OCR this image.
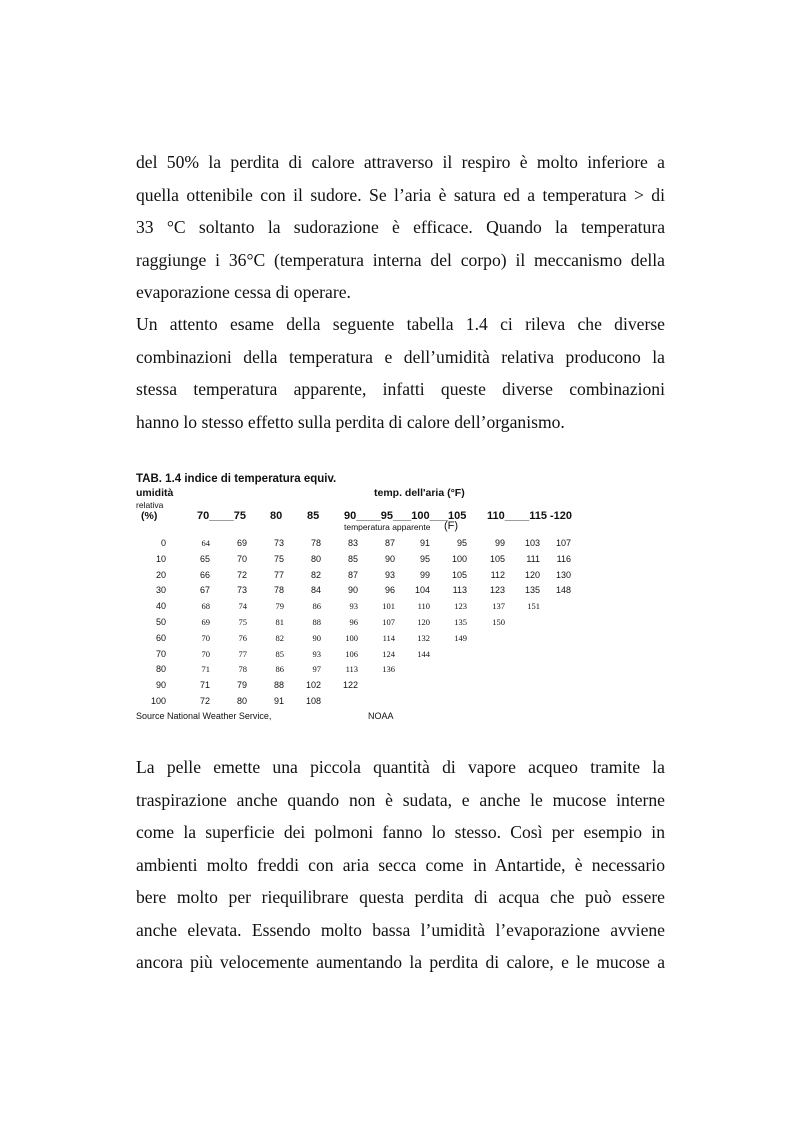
del 50% la perdita di calore attraverso il respiro è molto inferiore a
quella ottenibile con il sudore. Se l’aria è satura ed a temperatura > di
33 °C soltanto la sudorazione è efficace. Quando la temperatura
raggiunge i 36°C (temperatura interna del corpo) il meccanismo della
evaporazione cessa di operare.
Un attento esame della seguente tabella 1.4 ci rileva che diverse
combinazioni della temperatura e dell’umidità relativa producono la
stessa temperatura apparente, infatti queste diverse combinazioni
hanno lo stesso effetto sulla perdita di calore dell’organismo.
TAB. 1.4 indice di temperatura equiv.
umidità	temp. dell'aria (°F)
relativa
(%)	70____75 80 85 90____95___100___105 110____115 -120
temperatura apparente (F)
0	64	69	73	78	83	87	91	95	99	103	107
10	65	70	75	80	85	90	95	100	105	111	116
20	66	72	77	82	87	93	99	105	112	120	130
30	67	73	78	84	90	96	104	113	123	135	148
40	68	74	79	86	93	101	110	123	137	151
50	69	75	81	88	96	107	120	135	150
60	70	76	82	90	100	114	132	149
70	70	77	85	93	106	124	144
80	71	78	86	97	113	136
90	71	79	88	102	122
100	72	80	91	108
Source National Weather Service,	NOAA
La pelle emette una piccola quantità di vapore acqueo tramite la
traspirazione anche quando non è sudata, e anche le mucose interne
come la superficie dei polmoni fanno lo stesso. Così per esempio in
ambienti molto freddi con aria secca come in Antartide, è necessario
bere molto per riequilibrare questa perdita di acqua che può essere
anche elevata. Essendo molto bassa l’umidità l’evaporazione avviene
ancora più velocemente aumentando la perdita di calore, e le mucose a
